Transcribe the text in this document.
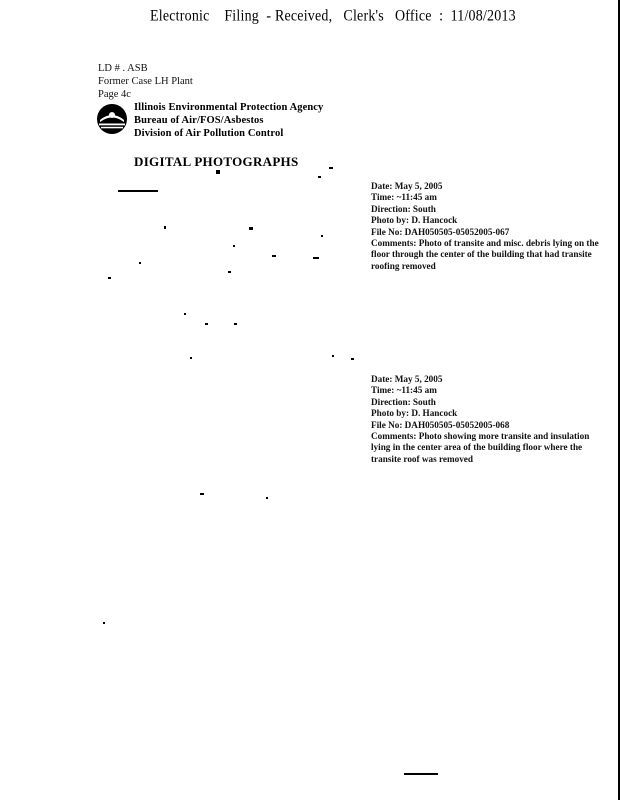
Electronic    Filing  - Received,   Clerk's   Office  :  11/08/2013
LD # . ASB
Former Case LH Plant
Page 4c
Illinois Environmental Protection Agency
Bureau of Air/FOS/Asbestos
Division of Air Pollution Control
DIGITAL PHOTOGRAPHS
Date: May 5, 2005
Time: ~11:45 am
Direction: South
Photo by: D. Hancock
File No: DAH050505-05052005-067
Comments: Photo of transite and misc. debris lying on the floor through the center of the building that had transite roofing removed
Date: May 5, 2005
Time: ~11:45 am
Direction: South
Photo by: D. Hancock
File No: DAH050505-05052005-068
Comments: Photo showing more transite and insulation lying in the center area of the building floor where the transite roof was removed
